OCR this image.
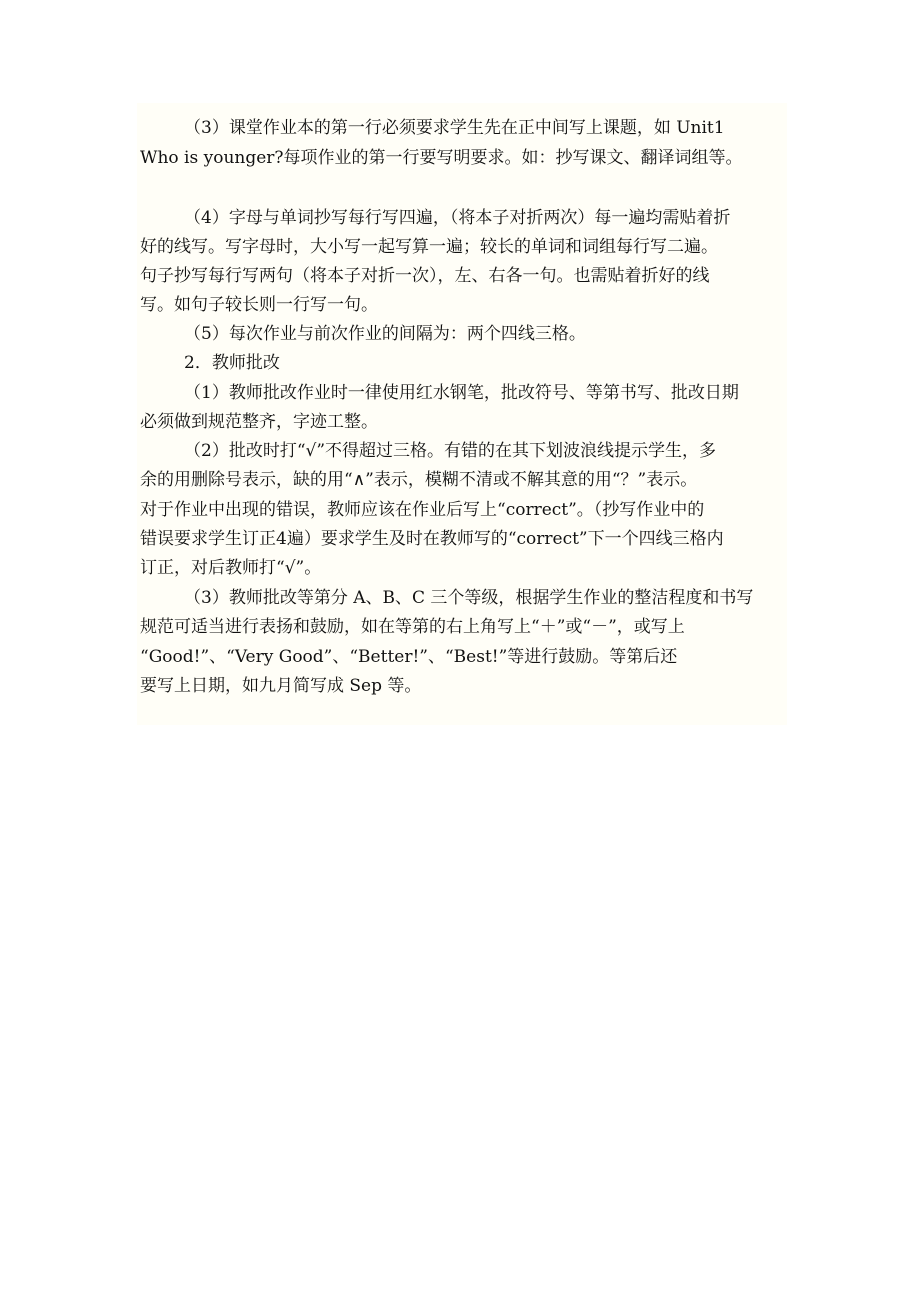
（3）课堂作业本的第一行必须要求学生先在正中间写上课题，如 Unit1
Who is younger?每项作业的第一行要写明要求。如：抄写课文、翻译词组等。
（4）字母与单词抄写每行写四遍，（将本子对折两次）每一遍均需贴着折
好的线写。写字母时，大小写一起写算一遍；较长的单词和词组每行写二遍。
句子抄写每行写两句（将本子对折一次），左、右各一句。也需贴着折好的线
写。如句子较长则一行写一句。
（5）每次作业与前次作业的间隔为：两个四线三格。
2．教师批改
（1）教师批改作业时一律使用红水钢笔，批改符号、等第书写、批改日期
必须做到规范整齐，字迹工整。
（2）批改时打“√”不得超过三格。有错的在其下划波浪线提示学生，多
余的用删除号表示，缺的用“∧”表示，模糊不清或不解其意的用“？”表示。
对于作业中出现的错误，教师应该在作业后写上“correct”。（抄写作业中的
错误要求学生订正4遍）要求学生及时在教师写的“correct”下一个四线三格内
订正，对后教师打“√”。
（3）教师批改等第分 A、B、C 三个等级，根据学生作业的整洁程度和书写
规范可适当进行表扬和鼓励，如在等第的右上角写上“＋”或“－”，或写上
“Good!”、“Very Good”、“Better!”、“Best!”等进行鼓励。等第后还
要写上日期，如九月简写成 Sep 等。
